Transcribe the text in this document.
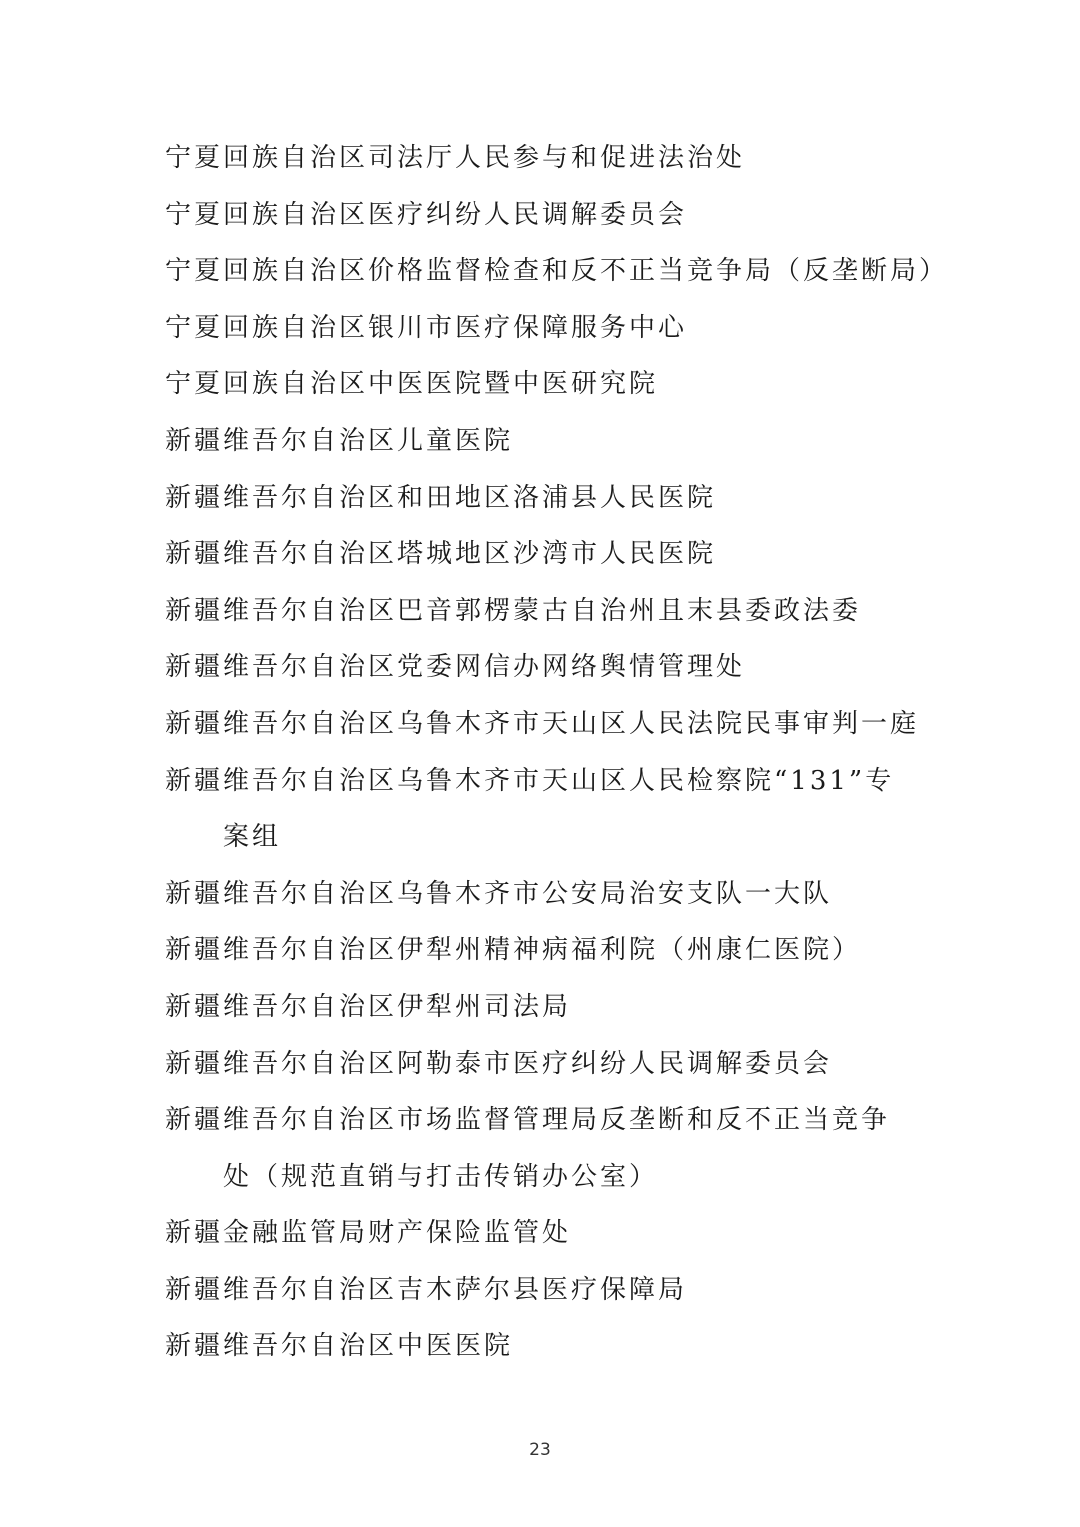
宁夏回族自治区司法厅人民参与和促进法治处
宁夏回族自治区医疗纠纷人民调解委员会
宁夏回族自治区价格监督检查和反不正当竞争局（反垄断局）
宁夏回族自治区银川市医疗保障服务中心
宁夏回族自治区中医医院暨中医研究院
新疆维吾尔自治区儿童医院
新疆维吾尔自治区和田地区洛浦县人民医院
新疆维吾尔自治区塔城地区沙湾市人民医院
新疆维吾尔自治区巴音郭楞蒙古自治州且末县委政法委
新疆维吾尔自治区党委网信办网络舆情管理处
新疆维吾尔自治区乌鲁木齐市天山区人民法院民事审判一庭
新疆维吾尔自治区乌鲁木齐市天山区人民检察院“131”专
案组
新疆维吾尔自治区乌鲁木齐市公安局治安支队一大队
新疆维吾尔自治区伊犁州精神病福利院（州康仁医院）
新疆维吾尔自治区伊犁州司法局
新疆维吾尔自治区阿勒泰市医疗纠纷人民调解委员会
新疆维吾尔自治区市场监督管理局反垄断和反不正当竞争
处（规范直销与打击传销办公室）
新疆金融监管局财产保险监管处
新疆维吾尔自治区吉木萨尔县医疗保障局
新疆维吾尔自治区中医医院
23
